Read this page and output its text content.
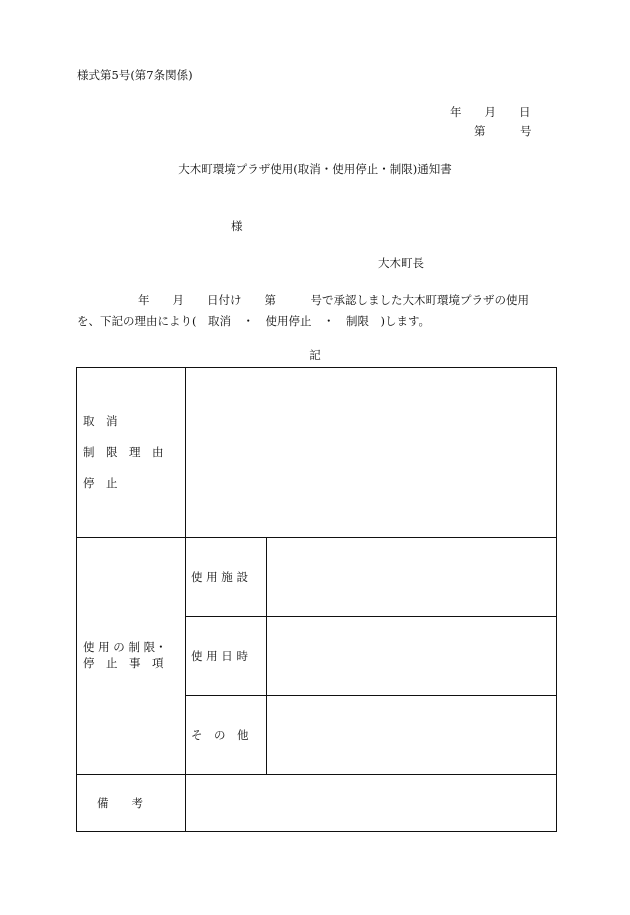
様式第5号(第7条関係)
年　　月　　日
第　　　号
大木町環境プラザ使用(取消・使用停止・制限)通知書
様
大木町長
年　　月　　日付け　　第　　　号で承認しました大木町環境プラザの使用
を、下記の理由により(　取消　・　使用停止　・　制限　)します。
記
取　消
制　限　理　由
停　止
使 用 の 制 限・
停　止　事　項
使 用 施 設
使 用 日 時
そ　の　他
備　　考
